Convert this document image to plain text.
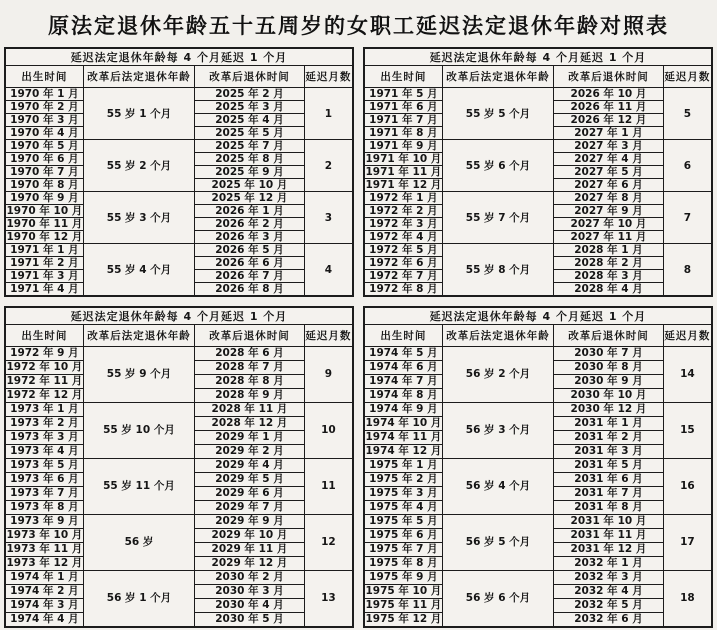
原法定退休年龄五十五周岁的女职工延迟法定退休年龄对照表
延迟法定退休年龄每 4 个月延迟 1 个月			
出生时间	改革后法定退休年龄	改革后退休时间	延迟月数
1970 年 1 月	55 岁 1 个月	2025 年 2 月	1
1970 年 2 月		2025 年 3 月	
1970 年 3 月		2025 年 4 月	
1970 年 4 月		2025 年 5 月	
1970 年 5 月	55 岁 2 个月	2025 年 7 月	2
1970 年 6 月		2025 年 8 月	
1970 年 7 月		2025 年 9 月	
1970 年 8 月		2025 年 10 月	
1970 年 9 月	55 岁 3 个月	2025 年 12 月	3
1970 年 10 月		2026 年 1 月	
1970 年 11 月		2026 年 2 月	
1970 年 12 月		2026 年 3 月	
1971 年 1 月	55 岁 4 个月	2026 年 5 月	4
1971 年 2 月		2026 年 6 月	
1971 年 3 月		2026 年 7 月	
1971 年 4 月		2026 年 8 月	
延迟法定退休年龄每 4 个月延迟 1 个月			
出生时间	改革后法定退休年龄	改革后退休时间	延迟月数
1971 年 5 月	55 岁 5 个月	2026 年 10 月	5
1971 年 6 月		2026 年 11 月	
1971 年 7 月		2026 年 12 月	
1971 年 8 月		2027 年 1 月	
1971 年 9 月	55 岁 6 个月	2027 年 3 月	6
1971 年 10 月		2027 年 4 月	
1971 年 11 月		2027 年 5 月	
1971 年 12 月		2027 年 6 月	
1972 年 1 月	55 岁 7 个月	2027 年 8 月	7
1972 年 2 月		2027 年 9 月	
1972 年 3 月		2027 年 10 月	
1972 年 4 月		2027 年 11 月	
1972 年 5 月	55 岁 8 个月	2028 年 1 月	8
1972 年 6 月		2028 年 2 月	
1972 年 7 月		2028 年 3 月	
1972 年 8 月		2028 年 4 月	
延迟法定退休年龄每 4 个月延迟 1 个月			
出生时间	改革后法定退休年龄	改革后退休时间	延迟月数
1972 年 9 月	55 岁 9 个月	2028 年 6 月	9
1972 年 10 月		2028 年 7 月	
1972 年 11 月		2028 年 8 月	
1972 年 12 月		2028 年 9 月	
1973 年 1 月	55 岁 10 个月	2028 年 11 月	10
1973 年 2 月		2028 年 12 月	
1973 年 3 月		2029 年 1 月	
1973 年 4 月		2029 年 2 月	
1973 年 5 月	55 岁 11 个月	2029 年 4 月	11
1973 年 6 月		2029 年 5 月	
1973 年 7 月		2029 年 6 月	
1973 年 8 月		2029 年 7 月	
1973 年 9 月	56 岁	2029 年 9 月	12
1973 年 10 月		2029 年 10 月	
1973 年 11 月		2029 年 11 月	
1973 年 12 月		2029 年 12 月	
1974 年 1 月	56 岁 1 个月	2030 年 2 月	13
1974 年 2 月		2030 年 3 月	
1974 年 3 月		2030 年 4 月	
1974 年 4 月		2030 年 5 月	
延迟法定退休年龄每 4 个月延迟 1 个月			
出生时间	改革后法定退休年龄	改革后退休时间	延迟月数
1974 年 5 月	56 岁 2 个月	2030 年 7 月	14
1974 年 6 月		2030 年 8 月	
1974 年 7 月		2030 年 9 月	
1974 年 8 月		2030 年 10 月	
1974 年 9 月	56 岁 3 个月	2030 年 12 月	15
1974 年 10 月		2031 年 1 月	
1974 年 11 月		2031 年 2 月	
1974 年 12 月		2031 年 3 月	
1975 年 1 月	56 岁 4 个月	2031 年 5 月	16
1975 年 2 月		2031 年 6 月	
1975 年 3 月		2031 年 7 月	
1975 年 4 月		2031 年 8 月	
1975 年 5 月	56 岁 5 个月	2031 年 10 月	17
1975 年 6 月		2031 年 11 月	
1975 年 7 月		2031 年 12 月	
1975 年 8 月		2032 年 1 月	
1975 年 9 月	56 岁 6 个月	2032 年 3 月	18
1975 年 10 月		2032 年 4 月	
1975 年 11 月		2032 年 5 月	
1975 年 12 月		2032 年 6 月	
